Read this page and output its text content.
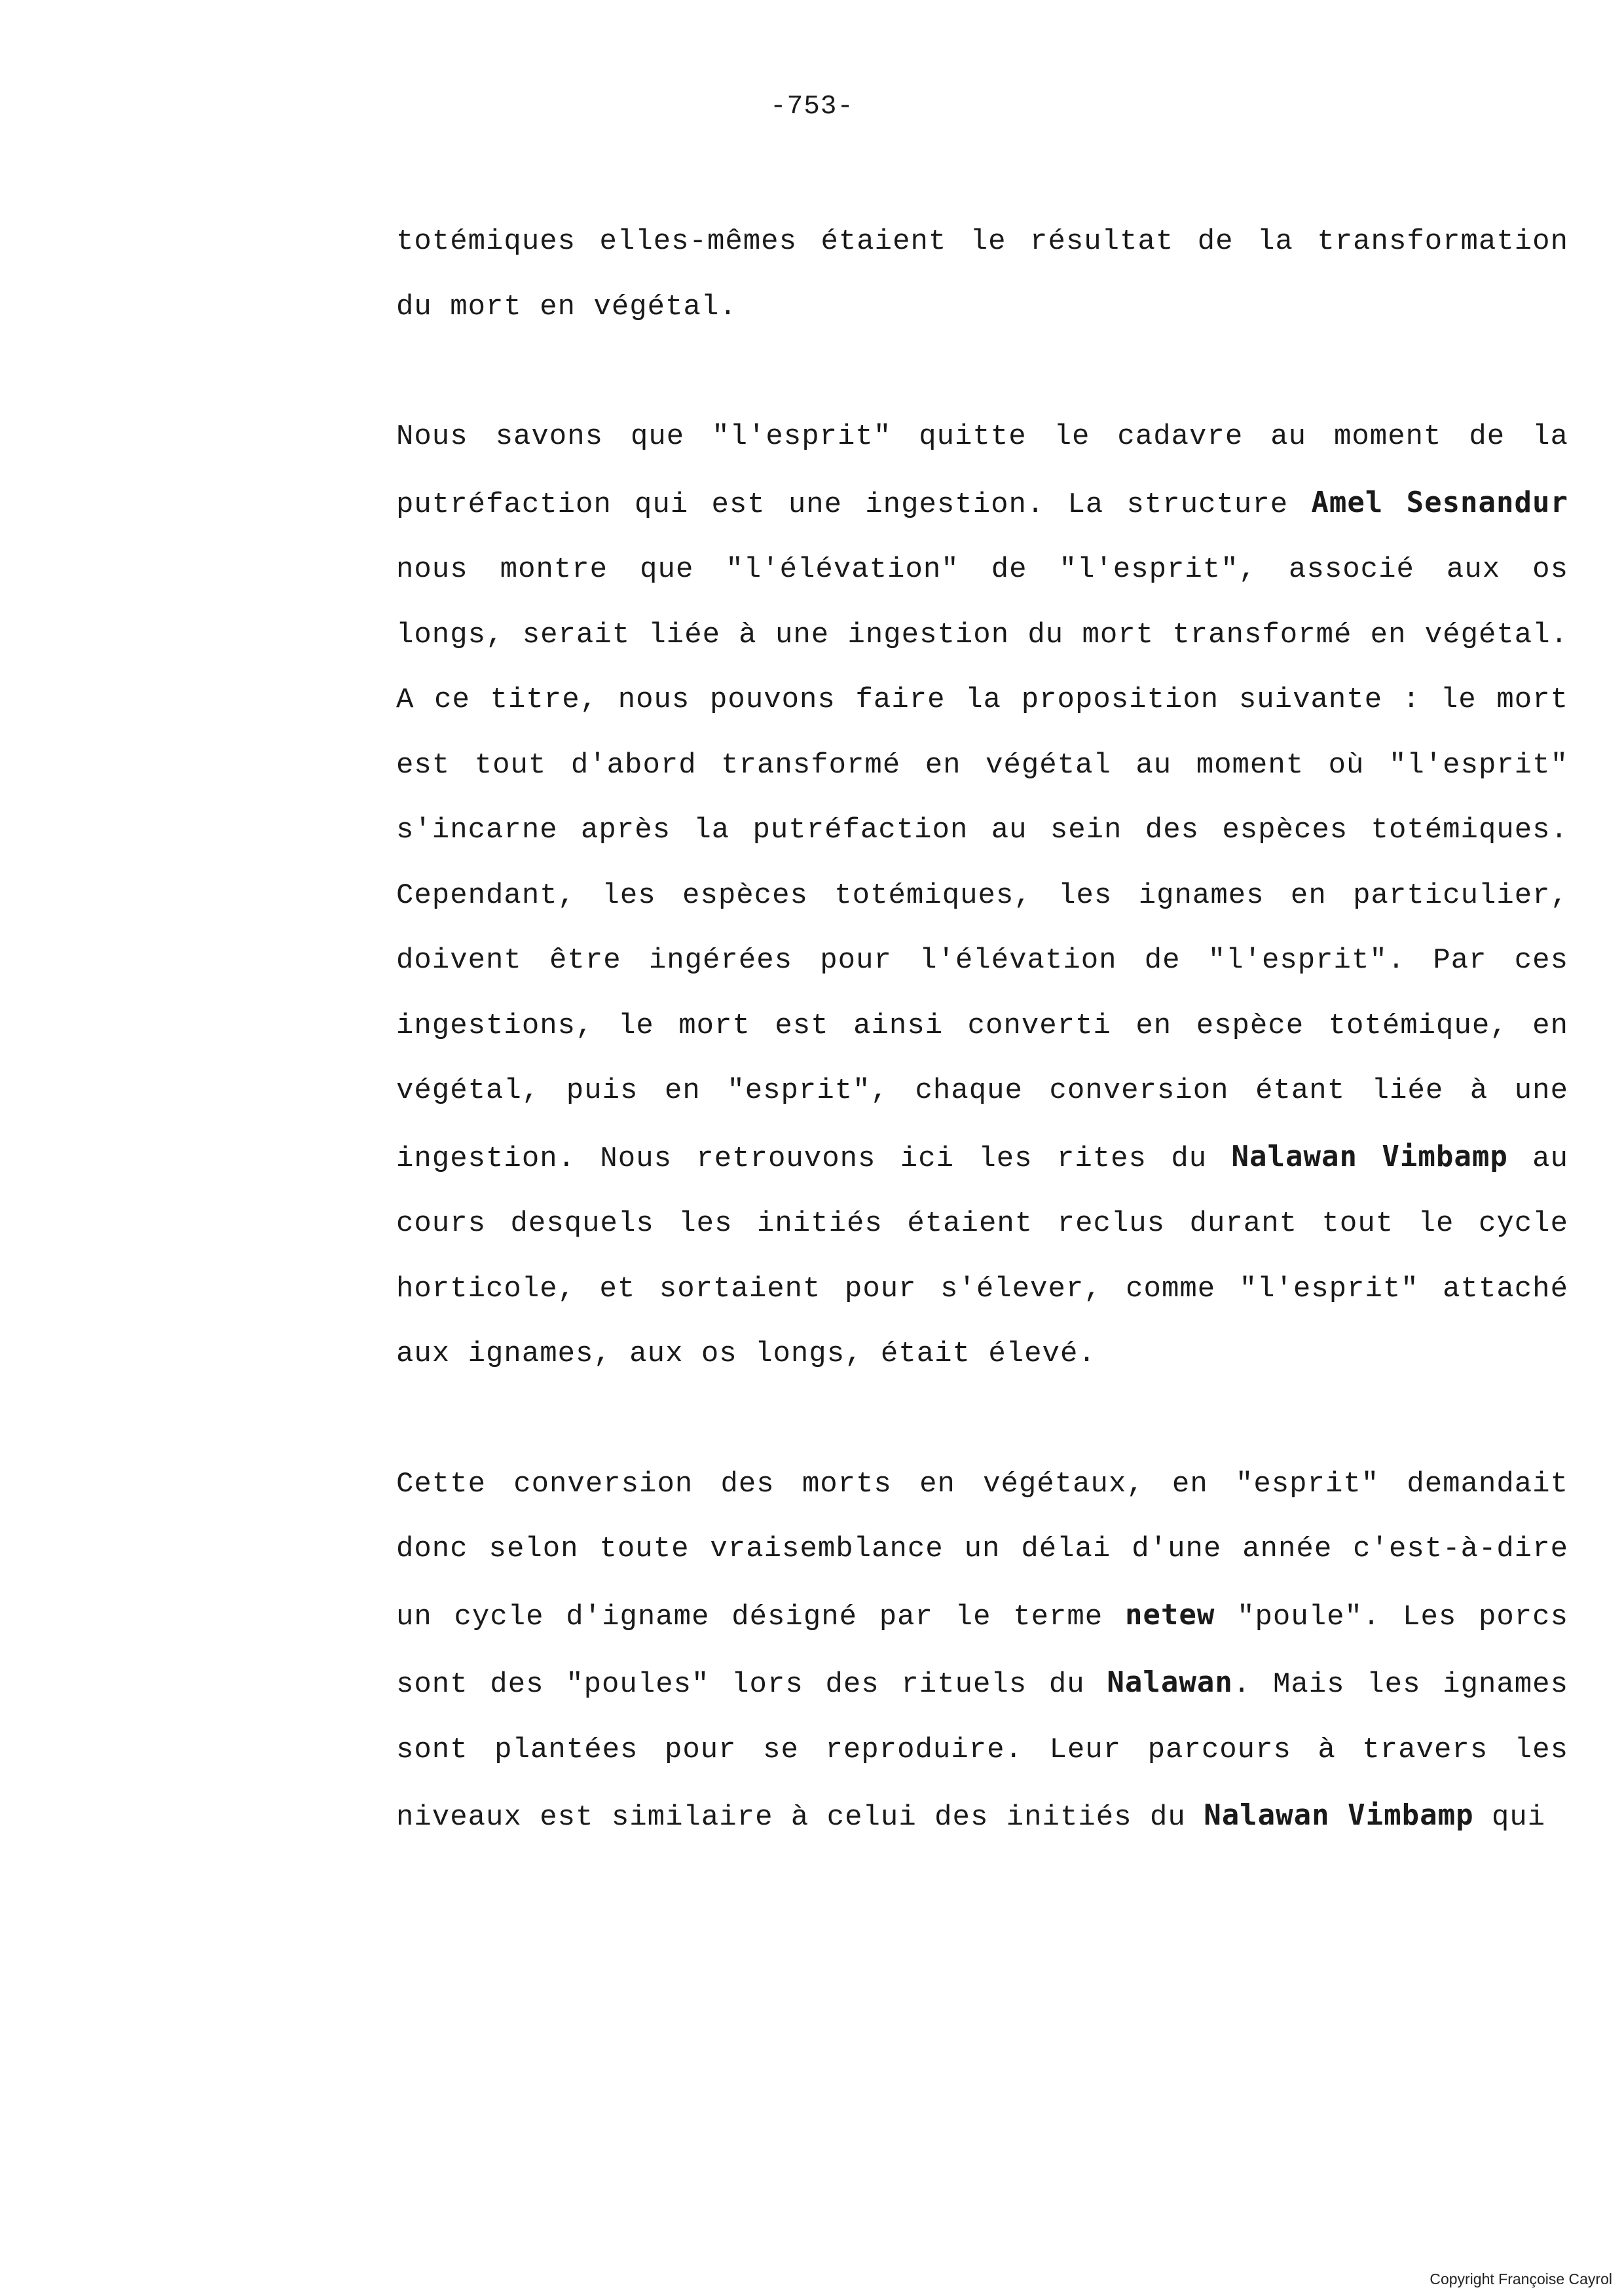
-753-

totémiques elles-mêmes étaient le résultat de la transformation du mort en végétal.

Nous savons que "l'esprit" quitte le cadavre au moment de la putréfaction qui est une ingestion. La structure Amel Sesnandur nous montre que "l'élévation" de "l'esprit", associé aux os longs, serait liée à une ingestion du mort transformé en végétal. A ce titre, nous pouvons faire la proposition suivante : le mort est tout d'abord transformé en végétal au moment où "l'esprit" s'incarne après la putréfaction au sein des espèces totémiques. Cependant, les espèces totémiques, les ignames en particulier, doivent être ingérées pour l'élévation de "l'esprit". Par ces ingestions, le mort est ainsi converti en espèce totémique, en végétal, puis en "esprit", chaque conversion étant liée à une ingestion. Nous retrouvons ici les rites du Nalawan Vimbamp au cours desquels les initiés étaient reclus durant tout le cycle horticole, et sortaient pour s'élever, comme "l'esprit" attaché aux ignames, aux os longs, était élevé.

Cette conversion des morts en végétaux, en "esprit" demandait donc selon toute vraisemblance un délai d'une année c'est-à-dire un cycle d'igname désigné par le terme netew "poule". Les porcs sont des "poules" lors des rituels du Nalawan. Mais les ignames sont plantées pour se reproduire. Leur parcours à travers les niveaux est similaire à celui des initiés du Nalawan Vimbamp qui

Copyright Françoise Cayrol
